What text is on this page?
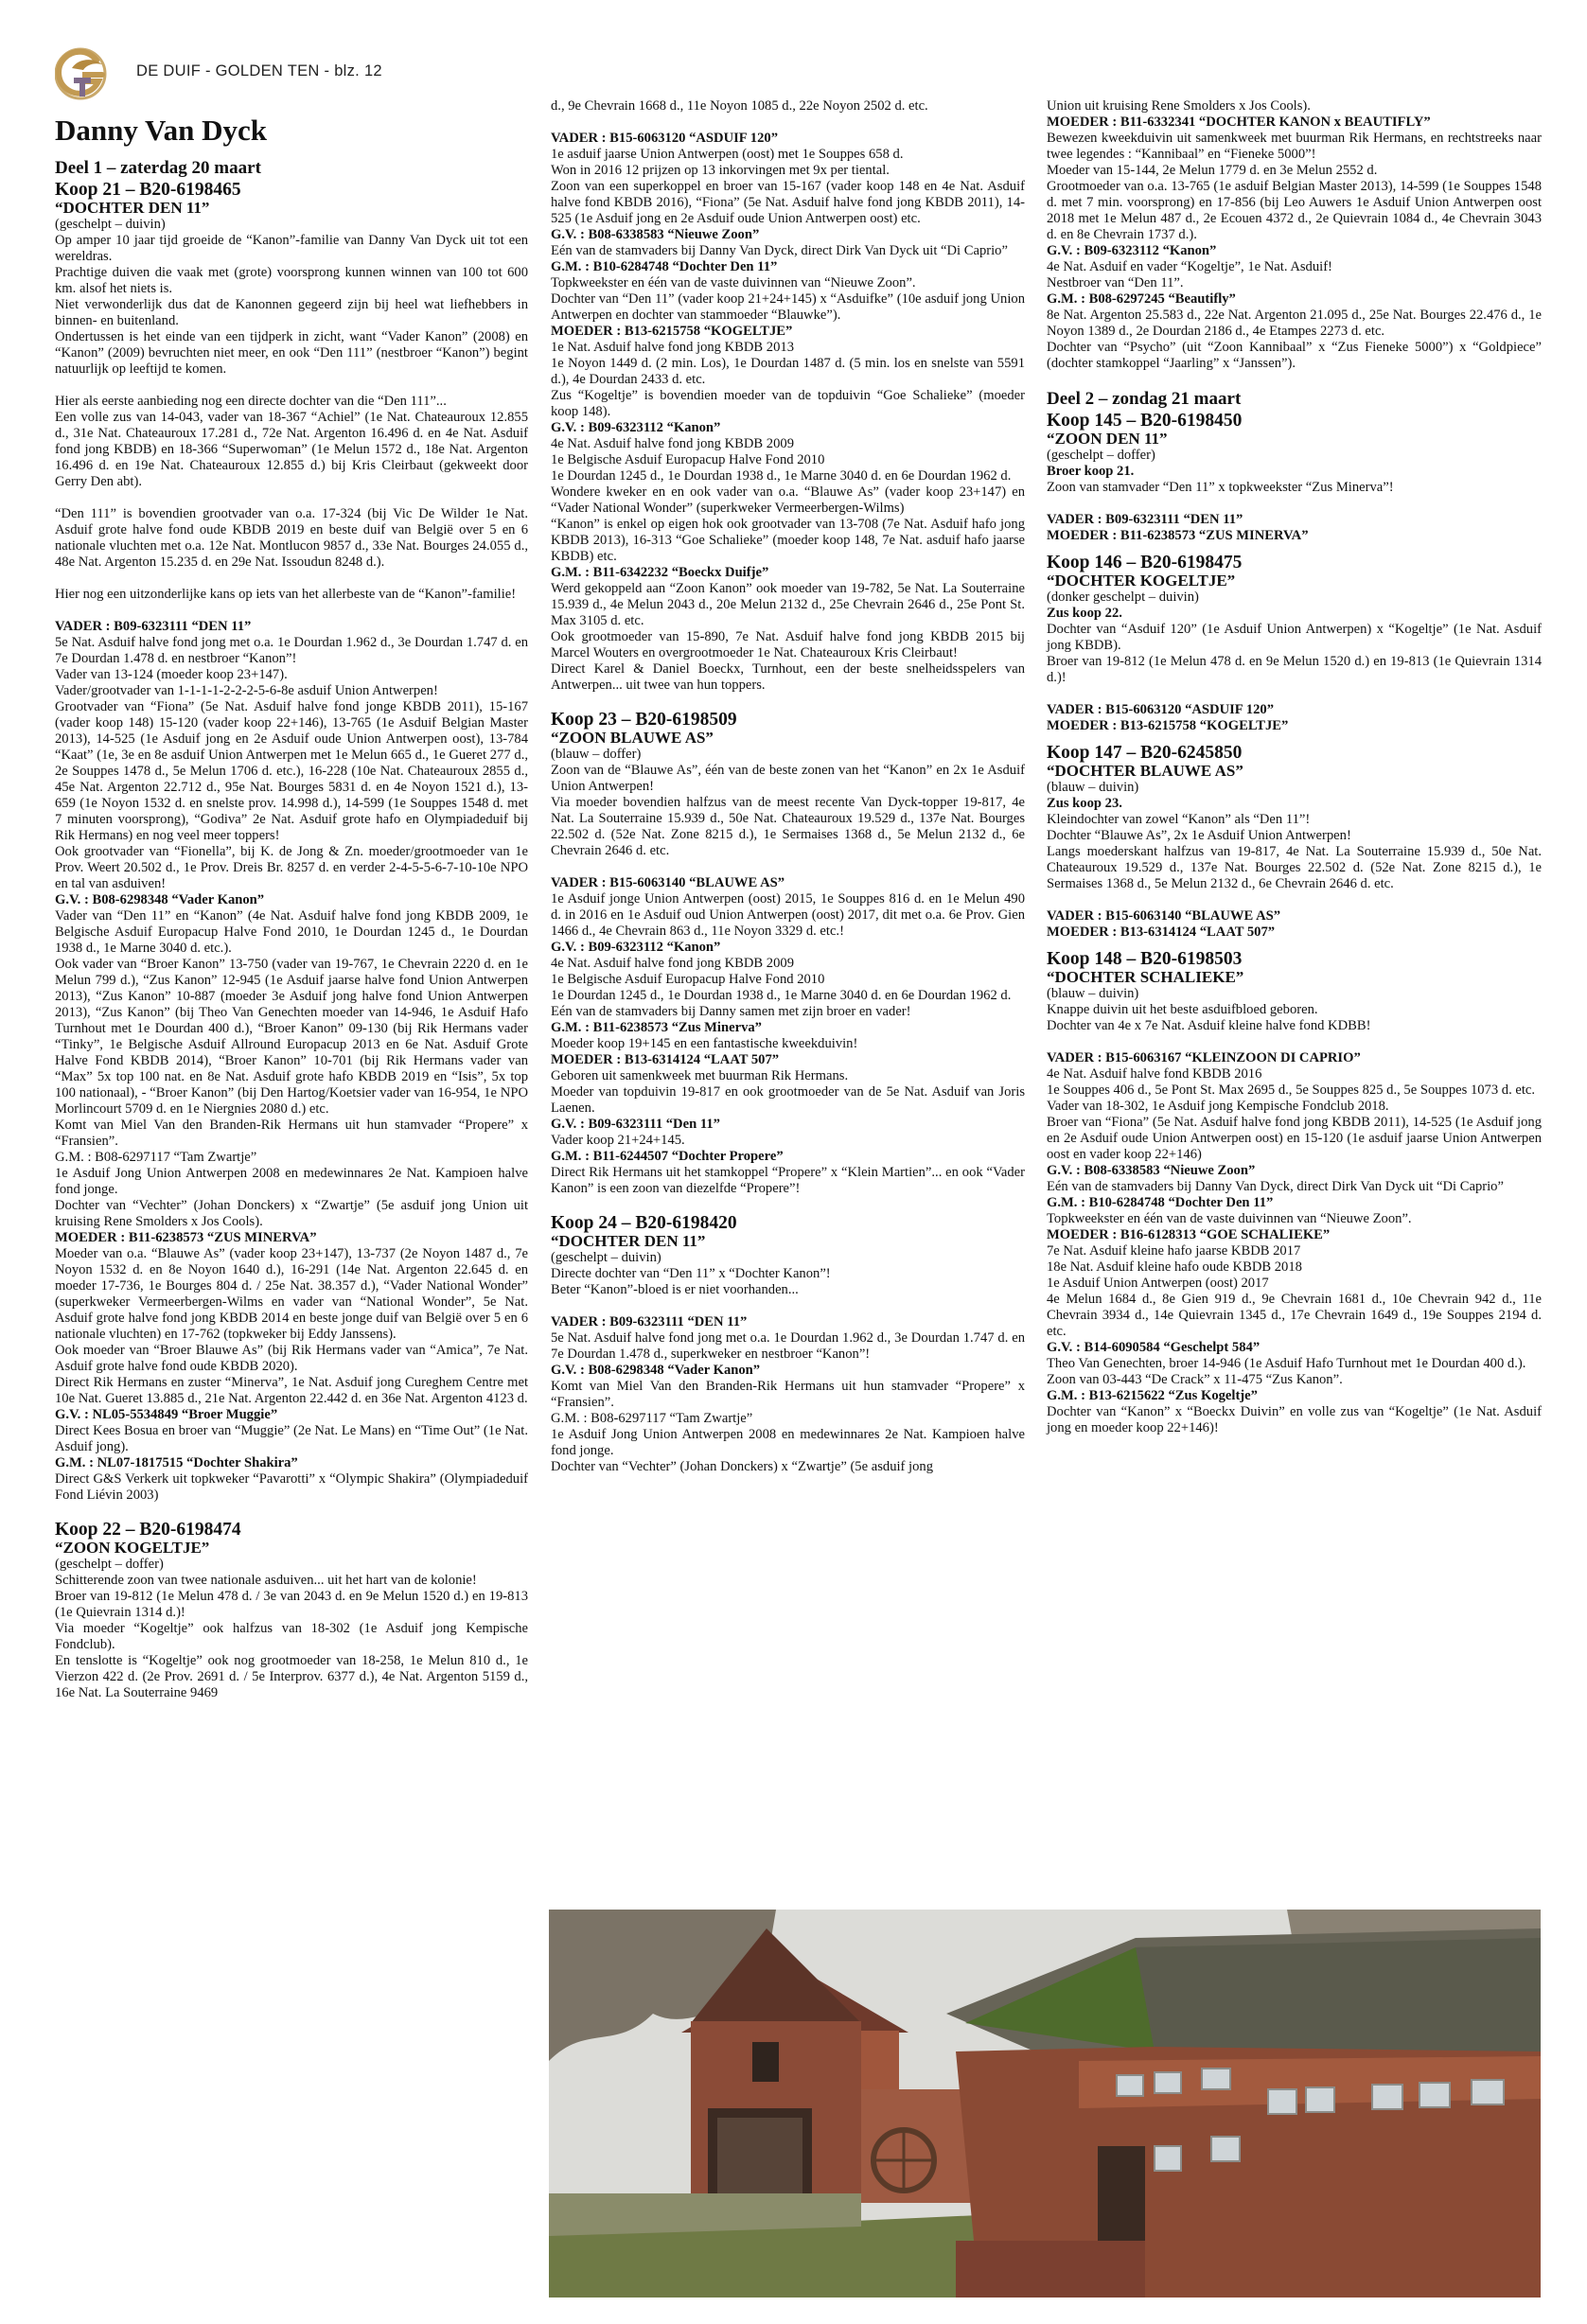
DE DUIF - GOLDEN TEN - blz. 12
Danny Van Dyck

Deel 1 – zaterdag 20 maart

Koop 21 – B20-6198465

“DOCHTER DEN 11”

(geschelpt – duivin)

Op amper 10 jaar tijd groeide de “Kanon”-familie van Danny Van Dyck uit tot een wereldras.

Prachtige duiven die vaak met (grote) voorsprong kunnen winnen van 100 tot 600 km. alsof het niets is.

Niet verwonderlijk dus dat de Kanonnen gegeerd zijn bij heel wat liefhebbers in binnen- en buitenland.

Ondertussen is het einde van een tijdperk in zicht, want “Vader Kanon” (2008) en “Kanon” (2009) bevruchten niet meer, en ook “Den 111” (nestbroer “Kanon”) begint natuurlijk op leeftijd te komen.

Hier als eerste aanbieding nog een directe dochter van die “Den 111”...

Een volle zus van 14-043, vader van 18-367 “Achiel” (1e Nat. Chateauroux 12.855 d., 31e Nat. Chateauroux 17.281 d., 72e Nat. Argenton 16.496 d. en 4e Nat. Asduif fond jong KBDB) en 18-366 “Superwoman” (1e Melun 1572 d., 18e Nat. Argenton 16.496 d. en 19e Nat. Chateauroux 12.855 d.) bij Kris Cleirbaut (gekweekt door Gerry Den abt).

“Den 111” is bovendien grootvader van o.a. 17-324 (bij Vic De Wilder 1e Nat. Asduif grote halve fond oude KBDB 2019 en beste duif van België over 5 en 6 nationale vluchten met o.a. 12e Nat. Montlucon 9857 d., 33e Nat. Bourges 24.055 d., 48e Nat. Argenton 15.235 d. en 29e Nat. Issoudun 8248 d.).

Hier nog een uitzonderlijke kans op iets van het allerbeste van de “Kanon”-familie!

VADER : B09-6323111 “DEN 11”

5e Nat. Asduif halve fond jong met o.a. 1e Dourdan 1.962 d., 3e Dourdan 1.747 d. en 7e Dourdan 1.478 d. en nestbroer “Kanon”!

Vader van 13-124 (moeder koop 23+147).

Vader/grootvader van 1-1-1-1-2-2-2-5-6-8e asduif Union Antwerpen!

Grootvader van “Fiona” (5e Nat. Asduif halve fond jonge KBDB 2011), 15-167 (vader koop 148) 15-120 (vader koop 22+146), 13-765 (1e Asduif Belgian Master 2013), 14-525 (1e Asduif jong en 2e Asduif oude Union Antwerpen oost), 13-784 “Kaat” (1e, 3e en 8e asduif Union Antwerpen met 1e Melun 665 d., 1e Gueret 277 d., 2e Souppes 1478 d., 5e Melun 1706 d. etc.), 16-228 (10e Nat. Chateauroux 2855 d., 45e Nat. Argenton 22.712 d., 95e Nat. Bourges 5831 d. en 4e Noyon 1521 d.), 13-659 (1e Noyon 1532 d. en snelste prov. 14.998 d.), 14-599 (1e Souppes 1548 d. met 7 minuten voorsprong), “Godiva” 2e Nat. Asduif grote hafo en Olympiadeduif bij Rik Hermans) en nog veel meer toppers!

Ook grootvader van “Fionella”, bij K. de Jong & Zn. moeder/grootmoeder van 1e Prov. Weert 20.502 d., 1e Prov. Dreis Br. 8257 d. en verder 2-4-5-5-6-7-10-10e NPO en tal van asduiven!

G.V. : B08-6298348 “Vader Kanon”

Vader van “Den 11” en “Kanon” (4e Nat. Asduif halve fond jong KBDB 2009, 1e Belgische Asduif Europacup Halve Fond 2010, 1e Dourdan 1245 d., 1e Dourdan 1938 d., 1e Marne 3040 d. etc.).

Ook vader van “Broer Kanon” 13-750 (vader van 19-767, 1e Chevrain 2220 d. en 1e Melun 799 d.), “Zus Kanon” 12-945 (1e Asduif jaarse halve fond Union Antwerpen 2013), “Zus Kanon” 10-887 (moeder 3e Asduif jong halve fond Union Antwerpen 2013), “Zus Kanon” (bij Theo Van Genechten moeder van 14-946, 1e Asduif Hafo Turnhout met 1e Dourdan 400 d.), “Broer Kanon” 09-130 (bij Rik Hermans vader “Tinky”, 1e Belgische Asduif Allround Europacup 2013 en 6e Nat. Asduif Grote Halve Fond KBDB 2014), “Broer Kanon” 10-701 (bij Rik Hermans vader van “Max” 5x top 100 nat. en 8e Nat. Asduif grote hafo KBDB 2019 en “Isis”, 5x top 100 nationaal), - “Broer Kanon” (bij Den Hartog/Koetsier vader van 16-954, 1e NPO Morlincourt 5709 d. en 1e Niergnies 2080 d.) etc.

Komt van Miel Van den Branden-Rik Hermans uit hun stamvader “Propere” x “Fransien”.

G.M. : B08-6297117 “Tam Zwartje”

1e Asduif Jong Union Antwerpen 2008 en medewinnares 2e Nat. Kampioen halve fond jonge.

Dochter van “Vechter” (Johan Donckers) x “Zwartje” (5e asduif jong Union uit kruising Rene Smolders x Jos Cools).

MOEDER : B11-6238573 “ZUS MINERVA”

Moeder van o.a. “Blauwe As” (vader koop 23+147), 13-737 (2e Noyon 1487 d., 7e Noyon 1532 d. en 8e Noyon 1640 d.), 16-291 (14e Nat. Argenton 22.645 d. en moeder 17-736, 1e Bourges 804 d. / 25e Nat. 38.357 d.), “Vader National Wonder” (superkweker Vermeerbergen-Wilms en vader van “National Wonder”, 5e Nat. Asduif grote halve fond jong KBDB 2014 en beste jonge duif van België over 5 en 6 nationale vluchten) en 17-762 (topkweker bij Eddy Janssens).

Ook moeder van “Broer Blauwe As” (bij Rik Hermans vader van “Amica”, 7e Nat. Asduif grote halve fond oude KBDB 2020).

Direct Rik Hermans en zuster “Minerva”, 1e Nat. Asduif jong Cureghem Centre met 10e Nat. Gueret 13.885 d., 21e Nat. Argenton 22.442 d. en 36e Nat. Argenton 4123 d.

G.V. : NL05-5534849 “Broer Muggie”

Direct Kees Bosua en broer van “Muggie” (2e Nat. Le Mans) en “Time Out” (1e Nat. Asduif jong).

G.M. : NL07-1817515 “Dochter Shakira”

Direct G&S Verkerk uit topkweker “Pavarotti” x “Olympic Shakira” (Olympiadeduif Fond Liévin 2003)

Koop 22 – B20-6198474

“ZOON KOGELTJE”

(geschelpt – doffer)

Schitterende zoon van twee nationale asduiven... uit het hart van de kolonie!

Broer van 19-812 (1e Melun 478 d. / 3e van 2043 d. en 9e Melun 1520 d.) en 19-813 (1e Quievrain 1314 d.)!

Via moeder “Kogeltje” ook halfzus van 18-302 (1e Asduif jong Kempische Fondclub).

En tenslotte is “Kogeltje” ook nog grootmoeder van 18-258, 1e Melun 810 d., 1e Vierzon 422 d. (2e Prov. 2691 d. / 5e Interprov. 6377 d.), 4e Nat. Argenton 5159 d., 16e Nat. La Souterraine 9469

d., 9e Chevrain 1668 d., 11e Noyon 1085 d., 22e Noyon 2502 d. etc.

VADER : B15-6063120 “ASDUIF 120”

1e asduif jaarse Union Antwerpen (oost) met 1e Souppes 658 d.

Won in 2016 12 prijzen op 13 inkorvingen met 9x per tiental.

Zoon van een superkoppel en broer van 15-167 (vader koop 148 en 4e Nat. Asduif halve fond KBDB 2016), “Fiona” (5e Nat. Asduif halve fond jong KBDB 2011), 14-525 (1e Asduif jong en 2e Asduif oude Union Antwerpen oost) etc.

G.V. : B08-6338583 “Nieuwe Zoon”

Eén van de stamvaders bij Danny Van Dyck, direct Dirk Van Dyck uit “Di Caprio”

G.M. : B10-6284748 “Dochter Den 11”

Topkweekster en één van de vaste duivinnen van “Nieuwe Zoon”.

Dochter van “Den 11” (vader koop 21+24+145) x “Asduifke” (10e asduif jong Union Antwerpen en dochter van stammoeder “Blauwke”).

MOEDER : B13-6215758 “KOGELTJE”

1e Nat. Asduif halve fond jong KBDB 2013

1e Noyon 1449 d. (2 min. Los), 1e Dourdan 1487 d. (5 min. los en snelste van 5591 d.), 4e Dourdan 2433 d. etc.

Zus “Kogeltje” is bovendien moeder van de topduivin “Goe Schalieke” (moeder koop 148).

G.V. : B09-6323112 “Kanon”

4e Nat. Asduif halve fond jong KBDB 2009

1e Belgische Asduif Europacup Halve Fond 2010

1e Dourdan 1245 d., 1e Dourdan 1938 d., 1e Marne 3040 d. en 6e Dourdan 1962 d.

Wondere kweker en en ook vader van o.a. “Blauwe As” (vader koop 23+147) en “Vader National Wonder” (superkweker Vermeerbergen-Wilms)

“Kanon” is enkel op eigen hok ook grootvader van 13-708 (7e Nat. Asduif hafo jong KBDB 2013), 16-313 “Goe Schalieke” (moeder koop 148, 7e Nat. asduif hafo jaarse KBDB) etc.

G.M. : B11-6342232 “Boeckx Duifje”

Werd gekoppeld aan “Zoon Kanon” ook moeder van 19-782, 5e Nat. La Souterraine 15.939 d., 4e Melun 2043 d., 20e Melun 2132 d., 25e Chevrain 2646 d., 25e Pont St. Max 3105 d. etc.

Ook grootmoeder van 15-890, 7e Nat. Asduif halve fond jong KBDB 2015 bij Marcel Wouters en overgrootmoeder 1e Nat. Chateauroux Kris Cleirbaut!

Direct Karel & Daniel Boeckx, Turnhout, een der beste snelheidsspelers van Antwerpen... uit twee van hun toppers.

Koop 23 – B20-6198509

“ZOON BLAUWE AS”

(blauw – doffer)

Zoon van de “Blauwe As”, één van de beste zonen van het “Kanon” en 2x 1e Asduif Union Antwerpen!

Via moeder bovendien halfzus van de meest recente Van Dyck-topper 19-817, 4e Nat. La Souterraine 15.939 d., 50e Nat. Chateauroux 19.529 d., 137e Nat. Bourges 22.502 d. (52e Nat. Zone 8215 d.), 1e Sermaises 1368 d., 5e Melun 2132 d., 6e Chevrain 2646 d. etc.

VADER : B15-6063140 “BLAUWE AS”

1e Asduif jonge Union Antwerpen (oost) 2015, 1e Souppes 816 d. en 1e Melun 490 d. in 2016 en 1e Asduif oud Union Antwerpen (oost) 2017, dit met o.a. 6e Prov. Gien 1466 d., 4e Chevrain 863 d., 11e Noyon 3329 d. etc.!

G.V. : B09-6323112 “Kanon”

4e Nat. Asduif halve fond jong KBDB 2009

1e Belgische Asduif Europacup Halve Fond 2010

1e Dourdan 1245 d., 1e Dourdan 1938 d., 1e Marne 3040 d. en 6e Dourdan 1962 d.

Eén van de stamvaders bij Danny samen met zijn broer en vader!

G.M. : B11-6238573 “Zus Minerva”

Moeder koop 19+145 en een fantastische kweekduivin!

MOEDER : B13-6314124 “LAAT 507”

Geboren uit samenkweek met buurman Rik Hermans.

Moeder van topduivin 19-817 en ook grootmoeder van de 5e Nat. Asduif van Joris Laenen.

G.V. : B09-6323111 “Den 11”

Vader koop 21+24+145.

G.M. : B11-6244507 “Dochter Propere”

Direct Rik Hermans uit het stamkoppel “Propere” x “Klein Martien”... en ook “Vader Kanon” is een zoon van diezelfde “Propere”!

Koop 24 – B20-6198420

“DOCHTER DEN 11”

(geschelpt – duivin)

Directe dochter van “Den 11” x “Dochter Kanon”!

Beter “Kanon”-bloed is er niet voorhanden...

VADER : B09-6323111 “DEN 11”

5e Nat. Asduif halve fond jong met o.a. 1e Dourdan 1.962 d., 3e Dourdan 1.747 d. en 7e Dourdan 1.478 d., superkweker en nestbroer “Kanon”!

G.V. : B08-6298348 “Vader Kanon”

Komt van Miel Van den Branden-Rik Hermans uit hun stamvader “Propere” x “Fransien”.

G.M. : B08-6297117 “Tam Zwartje”

1e Asduif Jong Union Antwerpen 2008 en medewinnares 2e Nat. Kampioen halve fond jonge.

Dochter van “Vechter” (Johan Donckers) x “Zwartje” (5e asduif jong

Union uit kruising Rene Smolders x Jos Cools).

MOEDER : B11-6332341 “DOCHTER KANON x BEAUTIFLY”

Bewezen kweekduivin uit samenkweek met buurman Rik Hermans, en rechtstreeks naar twee legendes : “Kannibaal” en “Fieneke 5000”!

Moeder van 15-144, 2e Melun 1779 d. en 3e Melun 2552 d.

Grootmoeder van o.a. 13-765 (1e asduif Belgian Master 2013), 14-599 (1e Souppes 1548 d. met 7 min. voorsprong) en 17-856 (bij Leo Auwers 1e Asduif Union Antwerpen oost 2018 met 1e Melun 487 d., 2e Ecouen 4372 d., 2e Quievrain 1084 d., 4e Chevrain 3043 d. en 8e Chevrain 1737 d.).

G.V. : B09-6323112 “Kanon”

4e Nat. Asduif en vader “Kogeltje”, 1e Nat. Asduif!

Nestbroer van “Den 11”.

G.M. : B08-6297245 “Beautifly”

8e Nat. Argenton 25.583 d., 22e Nat. Argenton 21.095 d., 25e Nat. Bourges 22.476 d., 1e Noyon 1389 d., 2e Dourdan 2186 d., 4e Etampes 2273 d. etc.

Dochter van “Psycho” (uit “Zoon Kannibaal” x “Zus Fieneke 5000”) x “Goldpiece” (dochter stamkoppel “Jaarling” x “Janssen”).

Deel 2 – zondag 21 maart

Koop 145 – B20-6198450

“ZOON DEN 11”

(geschelpt – doffer)

Broer koop 21.

Zoon van stamvader “Den 11” x topkweekster “Zus Minerva”!

VADER : B09-6323111 “DEN 11”

MOEDER : B11-6238573 “ZUS MINERVA”

Koop 146 – B20-6198475

“DOCHTER KOGELTJE”

(donker geschelpt – duivin)

Zus koop 22.

Dochter van “Asduif 120” (1e Asduif Union Antwerpen) x “Kogeltje” (1e Nat. Asduif jong KBDB).

Broer van 19-812 (1e Melun 478 d. en 9e Melun 1520 d.) en 19-813 (1e Quievrain 1314 d.)!

VADER : B15-6063120 “ASDUIF 120”

MOEDER : B13-6215758 “KOGELTJE”

Koop 147 – B20-6245850

“DOCHTER BLAUWE AS”

(blauw – duivin)

Zus koop 23.

Kleindochter van zowel “Kanon” als “Den 11”!

Dochter “Blauwe As”, 2x 1e Asduif Union Antwerpen!

Langs moederskant halfzus van 19-817, 4e Nat. La Souterraine 15.939 d., 50e Nat. Chateauroux 19.529 d., 137e Nat. Bourges 22.502 d. (52e Nat. Zone 8215 d.), 1e Sermaises 1368 d., 5e Melun 2132 d., 6e Chevrain 2646 d. etc.

VADER : B15-6063140 “BLAUWE AS”

MOEDER : B13-6314124 “LAAT 507”

Koop 148 – B20-6198503

“DOCHTER SCHALIEKE”

(blauw – duivin)

Knappe duivin uit het beste asduifbloed geboren.

Dochter van 4e x 7e Nat. Asduif kleine halve fond KDBB!

VADER : B15-6063167 “KLEINZOON DI CAPRIO”

4e Nat. Asduif halve fond KBDB 2016

1e Souppes 406 d., 5e Pont St. Max 2695 d., 5e Souppes 825 d., 5e Souppes 1073 d. etc.

Vader van 18-302, 1e Asduif jong Kempische Fondclub 2018.

Broer van “Fiona” (5e Nat. Asduif halve fond jong KBDB 2011), 14-525 (1e Asduif jong en 2e Asduif oude Union Antwerpen oost) en 15-120 (1e asduif jaarse Union Antwerpen oost en vader koop 22+146)

G.V. : B08-6338583 “Nieuwe Zoon”

Eén van de stamvaders bij Danny Van Dyck, direct Dirk Van Dyck uit “Di Caprio”

G.M. : B10-6284748 “Dochter Den 11”

Topkweekster en één van de vaste duivinnen van “Nieuwe Zoon”.

MOEDER : B16-6128313 “GOE SCHALIEKE”

7e Nat. Asduif kleine hafo jaarse KBDB 2017

18e Nat. Asduif kleine hafo oude KBDB 2018

1e Asduif Union Antwerpen (oost) 2017

4e Melun 1684 d., 8e Gien 919 d., 9e Chevrain 1681 d., 10e Chevrain 942 d., 11e Chevrain 3934 d., 14e Quievrain 1345 d., 17e Chevrain 1649 d., 19e Souppes 2194 d. etc.

G.V. : B14-6090584 “Geschelpt 584”

Theo Van Genechten, broer 14-946 (1e Asduif Hafo Turnhout met 1e Dourdan 400 d.).

Zoon van 03-443 “De Crack” x 11-475 “Zus Kanon”.

G.M. : B13-6215622 “Zus Kogeltje”

Dochter van “Kanon” x “Boeckx Duivin” en volle zus van “Kogeltje” (1e Nat. Asduif jong en moeder koop 22+146)!
